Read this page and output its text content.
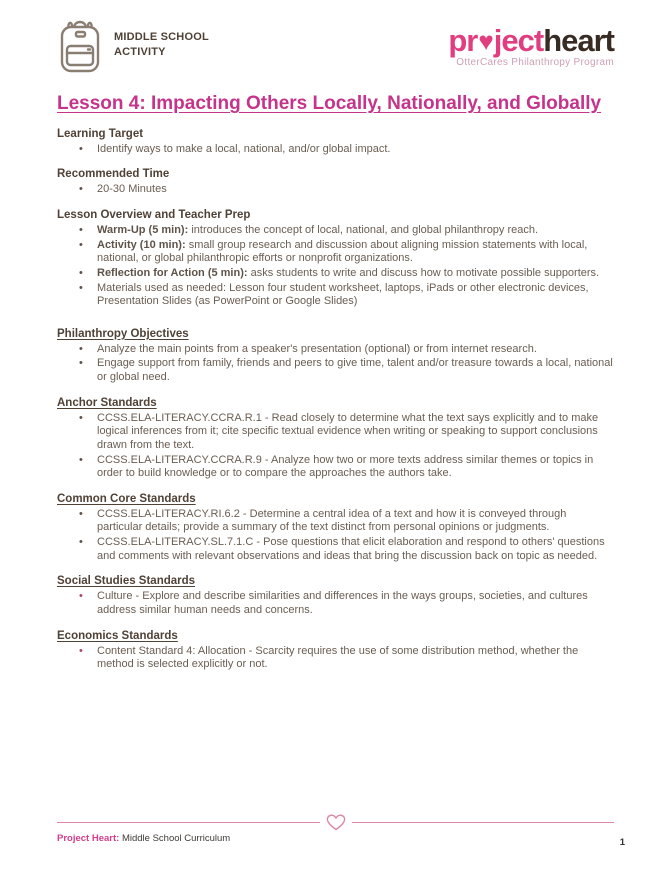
MIDDLE SCHOOL
ACTIVITY	pr♥jectheart
OtterCares Philanthropy Program
Lesson 4: Impacting Others Locally, Nationally, and Globally
Learning Target
•	Identify ways to make a local, national, and/or global impact.
Recommended Time
•	20-30 Minutes
Lesson Overview and Teacher Prep
•	Warm-Up (5 min): introduces the concept of local, national, and global philanthropy reach.
•	Activity (10 min): small group research and discussion about aligning mission statements with local, national, or global philanthropic efforts or nonprofit organizations.
•	Reflection for Action (5 min): asks students to write and discuss how to motivate possible supporters.
•	Materials used as needed: Lesson four student worksheet, laptops, iPads or other electronic devices, Presentation Slides (as PowerPoint or Google Slides)
Philanthropy Objectives
•	Analyze the main points from a speaker's presentation (optional) or from internet research.
•	Engage support from family, friends and peers to give time, talent and/or treasure towards a local, national or global need.
Anchor Standards
•	CCSS.ELA-LITERACY.CCRA.R.1 - Read closely to determine what the text says explicitly and to make logical inferences from it; cite specific textual evidence when writing or speaking to support conclusions drawn from the text.
•	CCSS.ELA-LITERACY.CCRA.R.9 - Analyze how two or more texts address similar themes or topics in order to build knowledge or to compare the approaches the authors take.
Common Core Standards
•	CCSS.ELA-LITERACY.RI.6.2 - Determine a central idea of a text and how it is conveyed through particular details; provide a summary of the text distinct from personal opinions or judgments.
•	CCSS.ELA-LITERACY.SL.7.1.C - Pose questions that elicit elaboration and respond to others' questions and comments with relevant observations and ideas that bring the discussion back on topic as needed.
Social Studies Standards
•	Culture - Explore and describe similarities and differences in the ways groups, societies, and cultures address similar human needs and concerns.
Economics Standards
•	Content Standard 4: Allocation - Scarcity requires the use of some distribution method, whether the method is selected explicitly or not.
Project Heart: Middle School Curriculum	1
